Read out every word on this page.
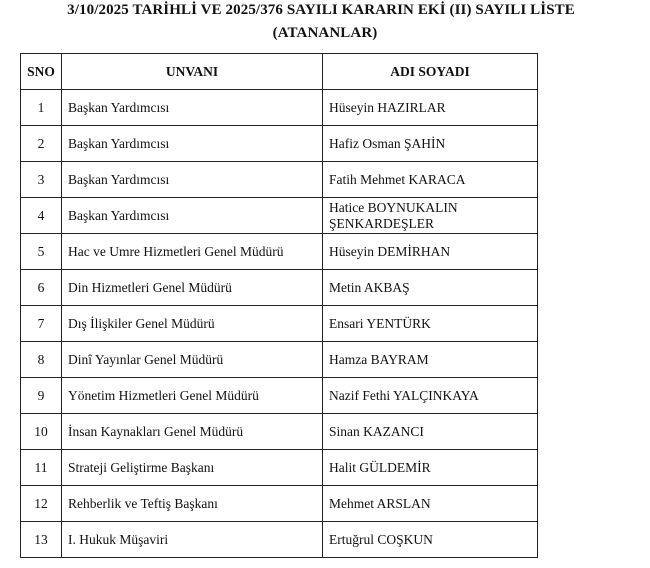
3/10/2025 TARİHLİ VE 2025/376 SAYILI KARARIN EKİ (II) SAYILI LİSTE
(ATANANLAR)
SNO	UNVANI	ADI SOYADI
1	Başkan Yardımcısı	Hüseyin HAZIRLAR
2	Başkan Yardımcısı	Hafiz Osman ŞAHİN
3	Başkan Yardımcısı	Fatih Mehmet KARACA
4	Başkan Yardımcısı	Hatice BOYNUKALIN ŞENKARDEŞLER
5	Hac ve Umre Hizmetleri Genel Müdürü	Hüseyin DEMİRHAN
6	Din Hizmetleri Genel Müdürü	Metin AKBAŞ
7	Dış İlişkiler Genel Müdürü	Ensari YENTÜRK
8	Dinî Yayınlar Genel Müdürü	Hamza BAYRAM
9	Yönetim Hizmetleri Genel Müdürü	Nazif Fethi YALÇINKAYA
10	İnsan Kaynakları Genel Müdürü	Sinan KAZANCI
11	Strateji Geliştirme Başkanı	Halit GÜLDEMİR
12	Rehberlik ve Teftiş Başkanı	Mehmet ARSLAN
13	I. Hukuk Müşaviri	Ertuğrul COŞKUN
